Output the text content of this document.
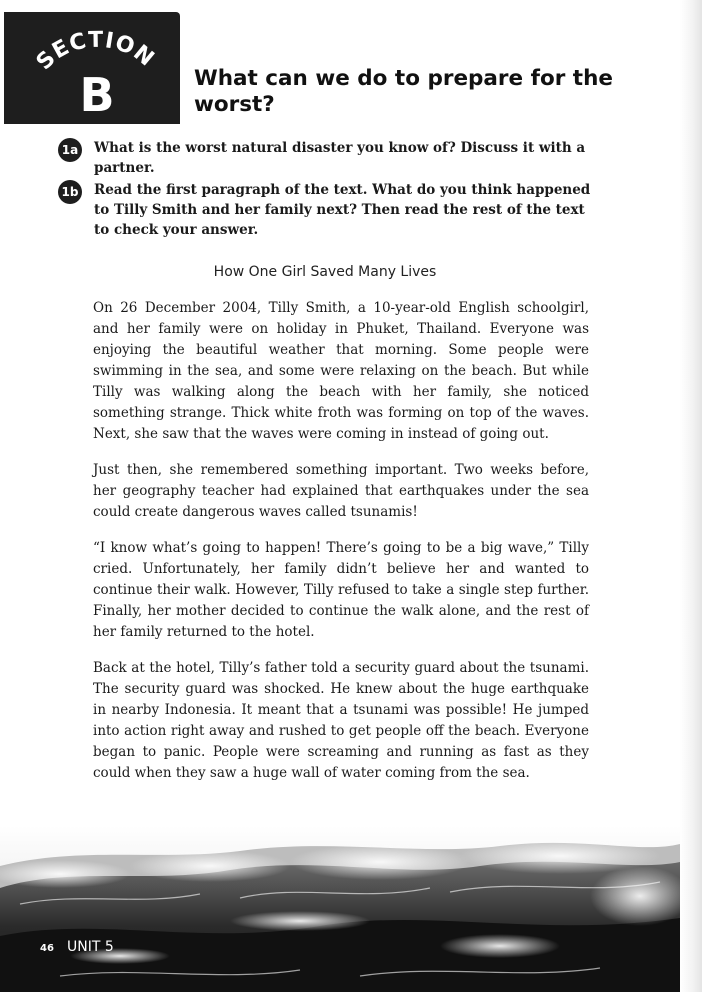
SECTION
B	What can we do to prepare for the worst?
1a What is the worst natural disaster you know of? Discuss it with a partner.
1b Read the first paragraph of the text. What do you think happened to Tilly Smith and her family next? Then read the rest of the text to check your answer.
How One Girl Saved Many Lives

On 26 December 2004, Tilly Smith, a 10-year-old English schoolgirl, and her family were on holiday in Phuket, Thailand. Everyone was enjoying the beautiful weather that morning. Some people were swimming in the sea, and some were relaxing on the beach. But while Tilly was walking along the beach with her family, she noticed something strange. Thick white froth was forming on top of the waves. Next, she saw that the waves were coming in instead of going out.

Just then, she remembered something important. Two weeks before, her geography teacher had explained that earthquakes under the sea could create dangerous waves called tsunamis!

“I know what’s going to happen! There’s going to be a big wave,” Tilly cried. Unfortunately, her family didn’t believe her and wanted to continue their walk. However, Tilly refused to take a single step further. Finally, her mother decided to continue the walk alone, and the rest of her family returned to the hotel.

Back at the hotel, Tilly’s father told a security guard about the tsunami. The security guard was shocked. He knew about the huge earthquake in nearby Indonesia. It meant that a tsunami was possible! He jumped into action right away and rushed to get people off the beach. Everyone began to panic. People were screaming and running as fast as they could when they saw a huge wall of water coming from the sea.

46 UNIT 5
